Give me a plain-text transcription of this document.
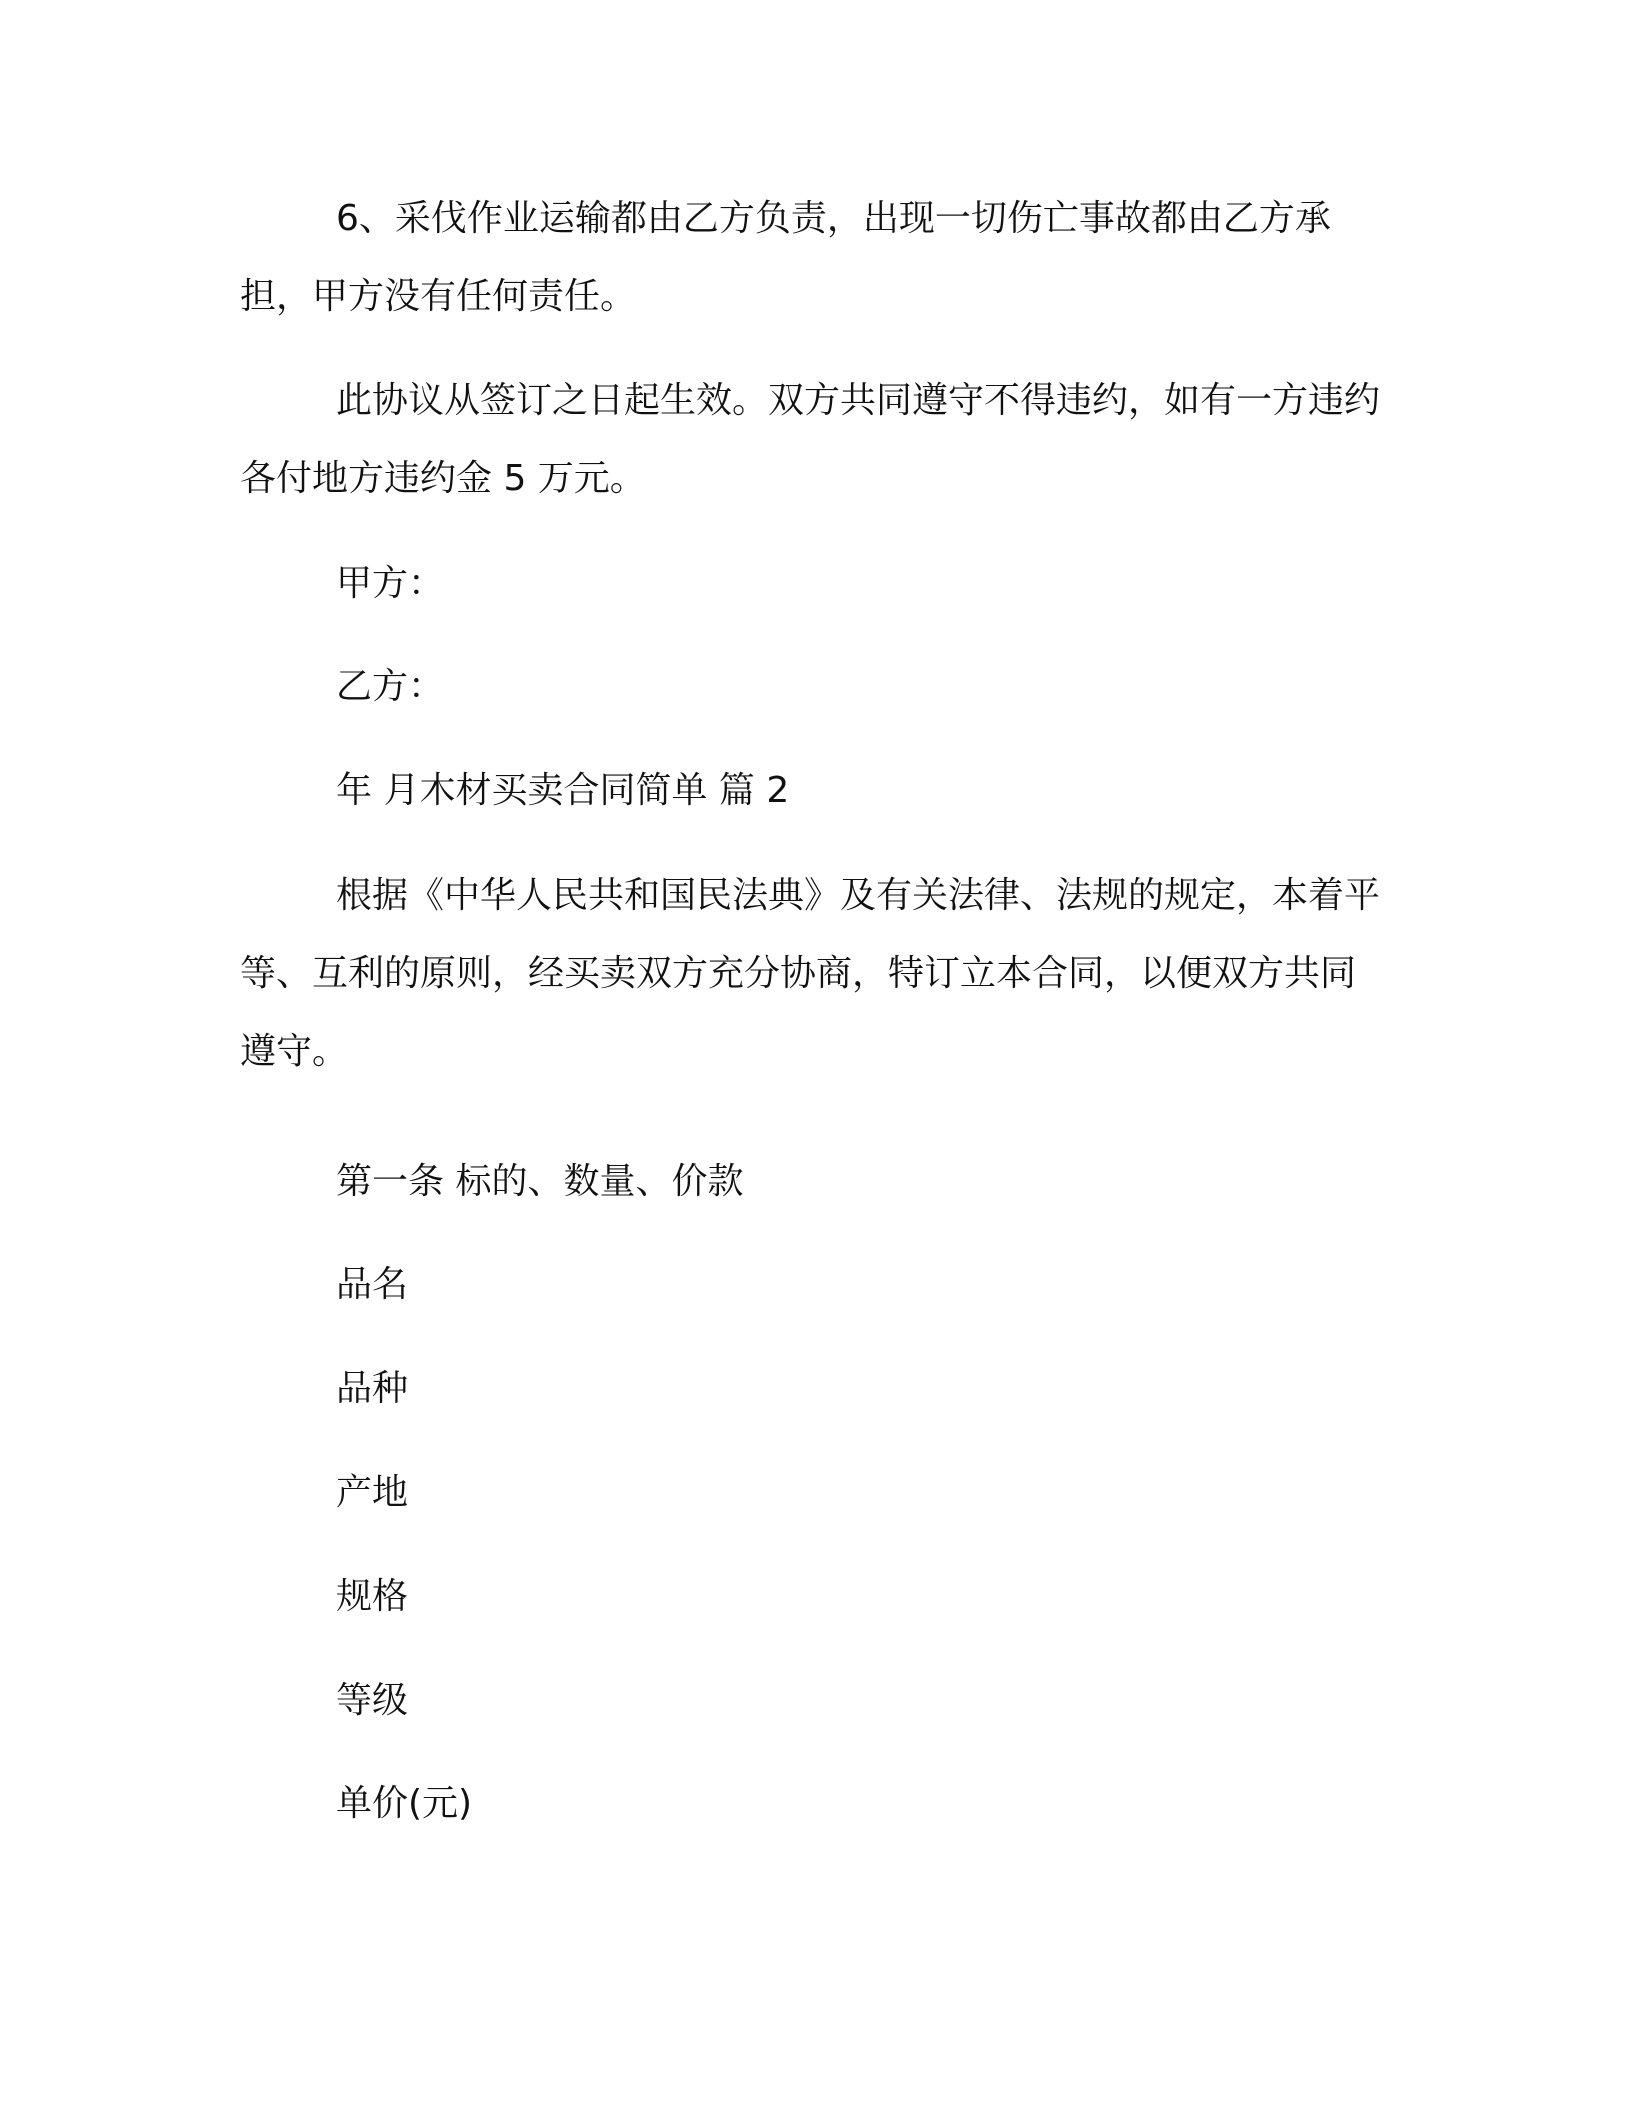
6、采伐作业运输都由乙方负责，出现一切伤亡事故都由乙方承担，甲方没有任何责任。

此协议从签订之日起生效。双方共同遵守不得违约，如有一方违约各付地方违约金 5 万元。

甲方：

乙方：

年 月木材买卖合同简单 篇 2

根据《中华人民共和国民法典》及有关法律、法规的规定，本着平等、互利的原则，经买卖双方充分协商，特订立本合同，以便双方共同遵守。

第一条 标的、数量、价款

品名

品种

产地

规格

等级

单价(元)
